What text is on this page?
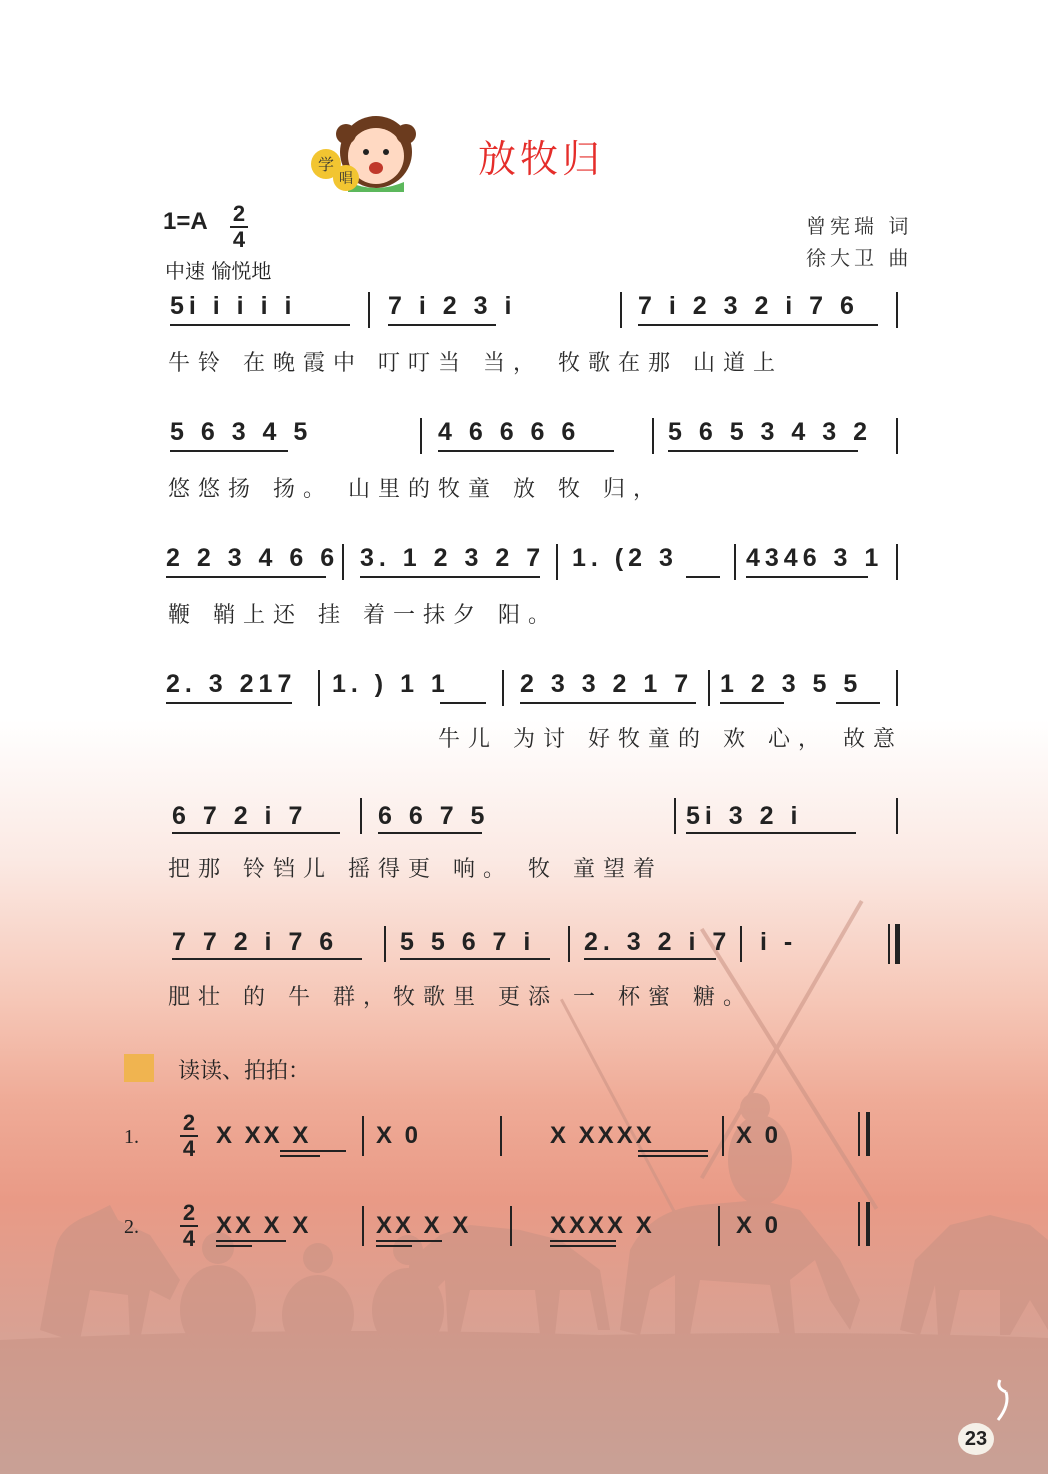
学
唱	放牧归
1=A 2
4
中速 愉悦地
曾宪瑞 词
徐大卫 曲
5i i i i i	7 i 2 3 i	7 i 2 3 2 i 7 6
牛铃 在晚霞中 叮叮当 当， 牧歌在那 山道上
5 6 3 4 5	4 6 6 6 6	5 6 5 3 4 3 2
悠悠扬 扬。 山里的牧童 放 牧 归，
2 2 3 4 6 6 3. 1 2 3 2 7 1. (2 3	4346 3 1
鞭 鞘上还 挂 着一抹夕 阳。
2. 3 217 1. ) 1 1	2 3 3 2 1 7 1 2 3 5 5
牛儿 为讨 好牧童的 欢 心， 故意
6 7 2 i 7	6 6 7 5	5i 3 2 i
把那 铃铛儿 摇得更 响。 牧 童望着
7 7 2 i 7 6 5 5 6 7 i 2. 3 2 i 7 i -
肥壮 的 牛 群，牧歌里 更添 一 杯蜜 糖。
读读、拍拍：
1.
2
4 X XX X	X 0	X XXXX	X 0
2.
2
4 XX X X	XX X X	XXXX X	X 0
23
